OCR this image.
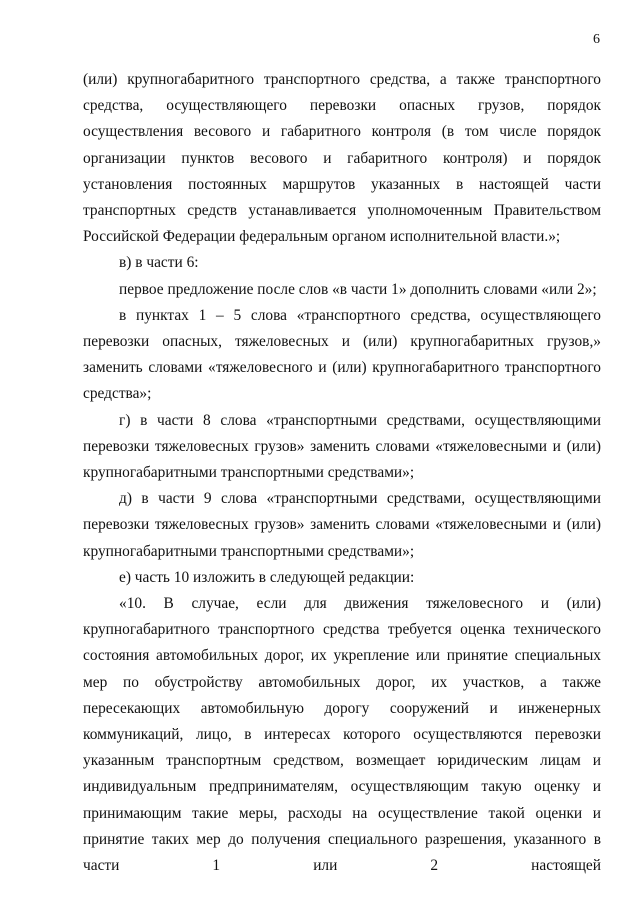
6

(или) крупногабаритного транспортного средства, а также транспортного средства, осуществляющего перевозки опасных грузов, порядок осуществления весового и габаритного контроля (в том числе порядок организации пунктов весового и габаритного контроля) и порядок установления постоянных маршрутов указанных в настоящей части транспортных средств устанавливается уполномоченным Правительством Российской Федерации федеральным органом исполнительной власти.»;

в) в части 6:

первое предложение после слов «в части 1» дополнить словами «или 2»;

в пунктах 1 – 5 слова «транспортного средства, осуществляющего перевозки опасных, тяжеловесных и (или) крупногабаритных грузов,» заменить словами «тяжеловесного и (или) крупногабаритного транспортного средства»;

г) в части 8 слова «транспортными средствами, осуществляющими перевозки тяжеловесных грузов» заменить словами «тяжеловесными и (или) крупногабаритными транспортными средствами»;

д) в части 9 слова «транспортными средствами, осуществляющими перевозки тяжеловесных грузов» заменить словами «тяжеловесными и (или) крупногабаритными транспортными средствами»;

е) часть 10 изложить в следующей редакции:

«10. В случае, если для движения тяжеловесного и (или) крупногабаритного транспортного средства требуется оценка технического состояния автомобильных дорог, их укрепление или принятие специальных мер по обустройству автомобильных дорог, их участков, а также пересекающих автомобильную дорогу сооружений и инженерных коммуникаций, лицо, в интересах которого осуществляются перевозки указанным транспортным средством, возмещает юридическим лицам и индивидуальным предпринимателям, осуществляющим такую оценку и принимающим такие меры, расходы на осуществление такой оценки и принятие таких мер до получения специального разрешения, указанного в части 1 или 2 настоящей
